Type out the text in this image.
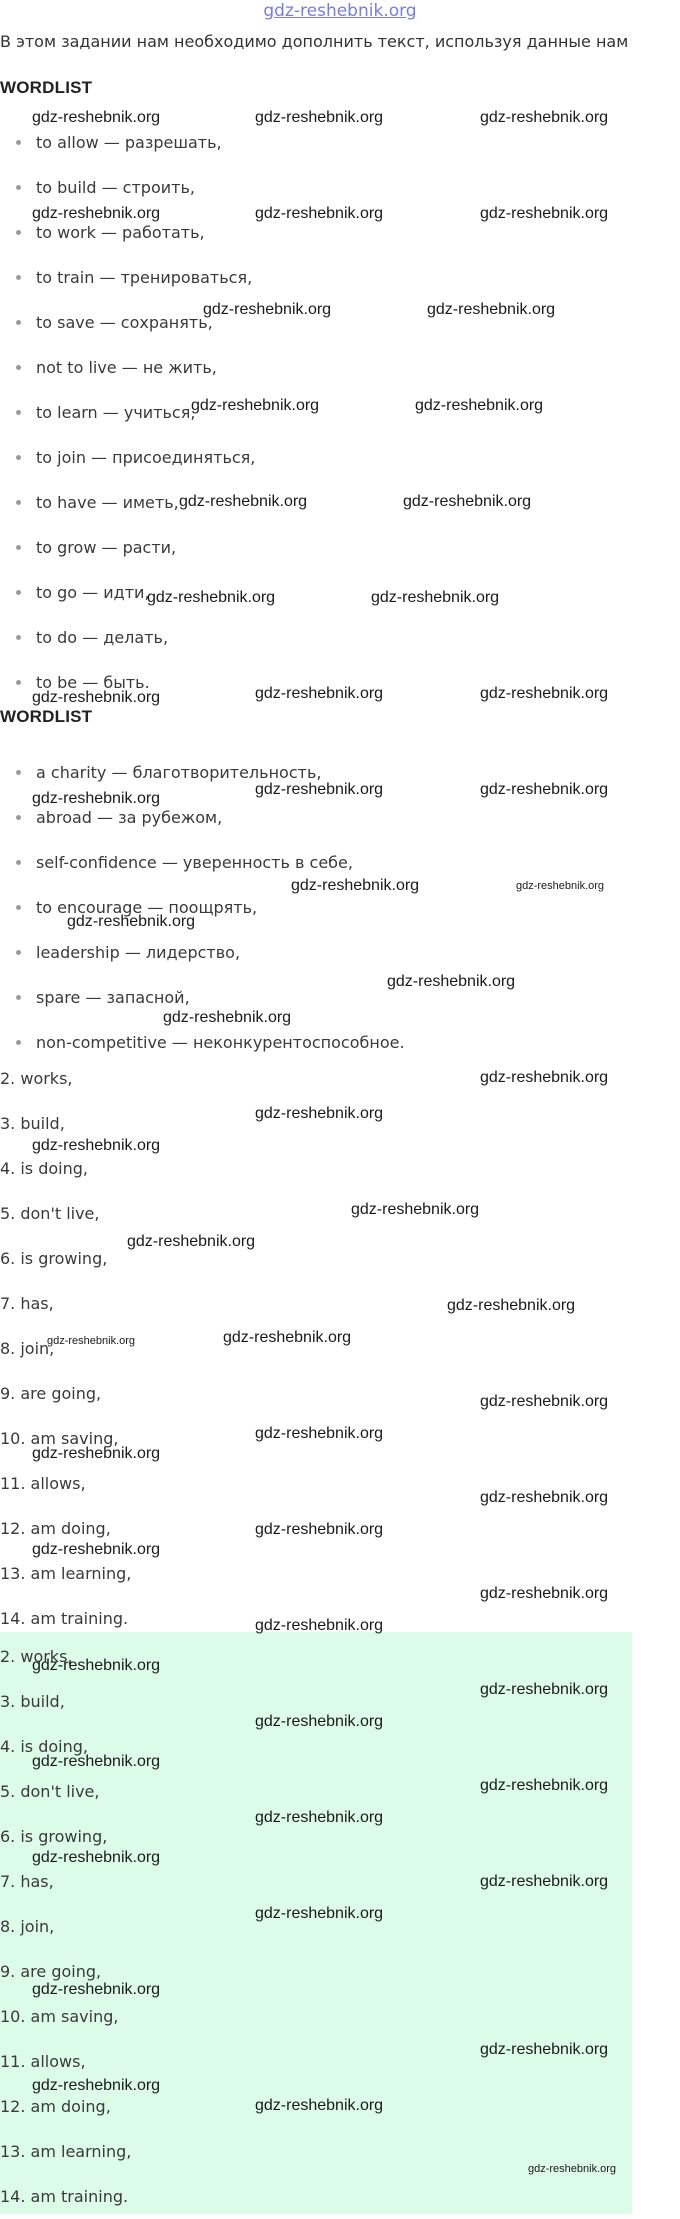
gdz-reshebnik.org
В этом задании нам необходимо дополнить текст, используя данные нам
WORDLIST
to allow — разрешать,
to build — строить,
to work — работать,
to train — тренироваться,
to save — сохранять,
not to live — не жить,
to learn — учиться,
to join — присоединяться,
to have — иметь,
to grow — расти,
to go — идти,
to do — делать,
to be — быть.
WORDLIST
a charity — благотворительность,
abroad — за рубежом,
self-confidence — уверенность в себе,
to encourage — поощрять,
leadership — лидерство,
spare — запасной,
non-competitive — неконкурентоспособное.
2. works,
3. build,
4. is doing,
5. don't live,
6. is growing,
7. has,
8. join,
9. are going,
10. am saving,
11. allows,
12. am doing,
13. am learning,
14. am training.
2. works,
3. build,
4. is doing,
5. don't live,
6. is growing,
7. has,
8. join,
9. are going,
10. am saving,
11. allows,
12. am doing,
13. am learning,
14. am training.
gdz-reshebnik.org	gdz-reshebnik.org	gdz-reshebnik.org
gdz-reshebnik.org	gdz-reshebnik.org	gdz-reshebnik.org
gdz-reshebnik.org	gdz-reshebnik.org
gdz-reshebnik.org	gdz-reshebnik.org
gdz-reshebnik.org	gdz-reshebnik.org
gdz-reshebnik.org	gdz-reshebnik.org
gdz-reshebnik.org	gdz-reshebnik.org	gdz-reshebnik.org
gdz-reshebnik.org
gdz-reshebnik.org	gdz-reshebnik.org
gdz-reshebnik.org	gdz-reshebnik.org
gdz-reshebnik.org
gdz-reshebnik.org
gdz-reshebnik.org
gdz-reshebnik.org
gdz-reshebnik.org
gdz-reshebnik.org
gdz-reshebnik.org
gdz-reshebnik.org
gdz-reshebnik.org
gdz-reshebnik.org	gdz-reshebnik.org
gdz-reshebnik.org
gdz-reshebnik.org
gdz-reshebnik.org
gdz-reshebnik.org
gdz-reshebnik.org
gdz-reshebnik.org
gdz-reshebnik.org
gdz-reshebnik.org
gdz-reshebnik.org
gdz-reshebnik.org
gdz-reshebnik.org
gdz-reshebnik.org
gdz-reshebnik.org
gdz-reshebnik.org
gdz-reshebnik.org
gdz-reshebnik.org
gdz-reshebnik.org
gdz-reshebnik.org
gdz-reshebnik.org
gdz-reshebnik.org
gdz-reshebnik.org
gdz-reshebnik.org
